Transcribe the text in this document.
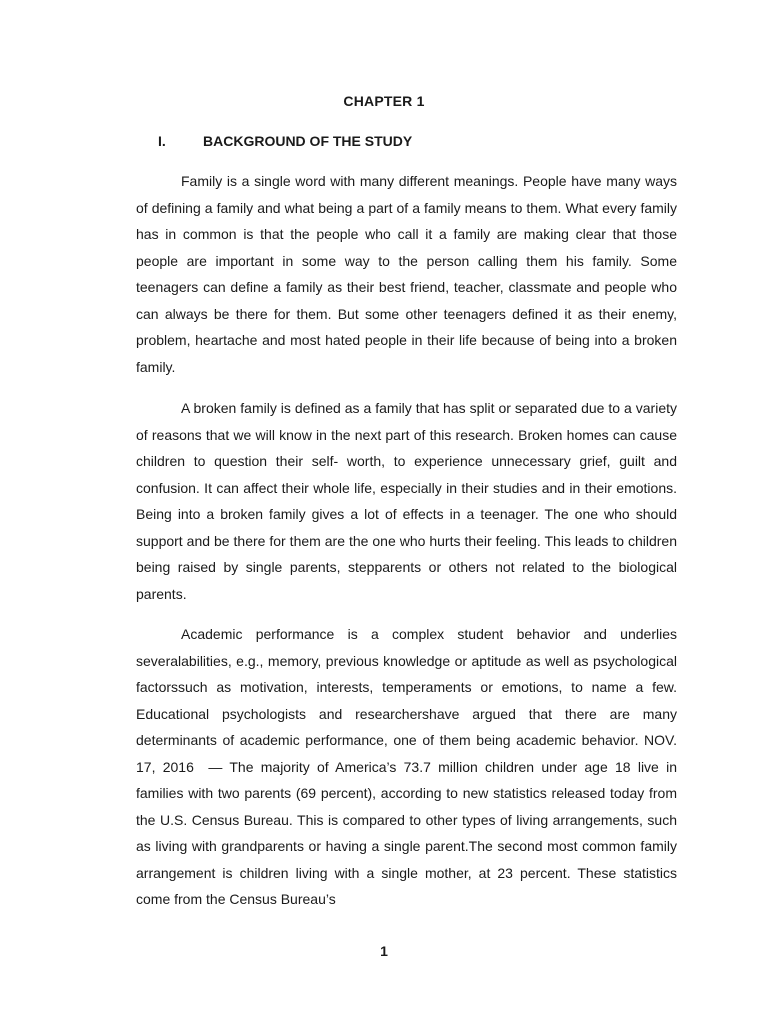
CHAPTER 1
I.	BACKGROUND OF THE STUDY

Family is a single word with many different meanings. People have many ways of defining a family and what being a part of a family means to them. What every family has in common is that the people who call it a family are making clear that those people are important in some way to the person calling them his family. Some teenagers can define a family as their best friend, teacher, classmate and people who can always be there for them. But some other teenagers defined it as their enemy, problem, heartache and most hated people in their life because of being into a broken family.

A broken family is defined as a family that has split or separated due to a variety of reasons that we will know in the next part of this research. Broken homes can cause children to question their self- worth, to experience unnecessary grief, guilt and confusion. It can affect their whole life, especially in their studies and in their emotions. Being into a broken family gives a lot of effects in a teenager. The one who should support and be there for them are the one who hurts their feeling. This leads to children being raised by single parents, stepparents or others not related to the biological parents.

Academic performance is a complex student behavior and underlies severalabilities, e.g., memory, previous knowledge or aptitude as well as psychological factorssuch as motivation, interests, temperaments or emotions, to name a few. Educational psychologists and researchershave argued that there are many determinants of academic performance, one of them being academic behavior. NOV. 17, 2016  — The majority of America’s 73.7 million children under age 18 live in families with two parents (69 percent), according to new statistics released today from the U.S. Census Bureau. This is compared to other types of living arrangements, such as living with grandparents or having a single parent.The second most common family arrangement is children living with a single mother, at 23 percent. These statistics come from the Census Bureau’s

1
